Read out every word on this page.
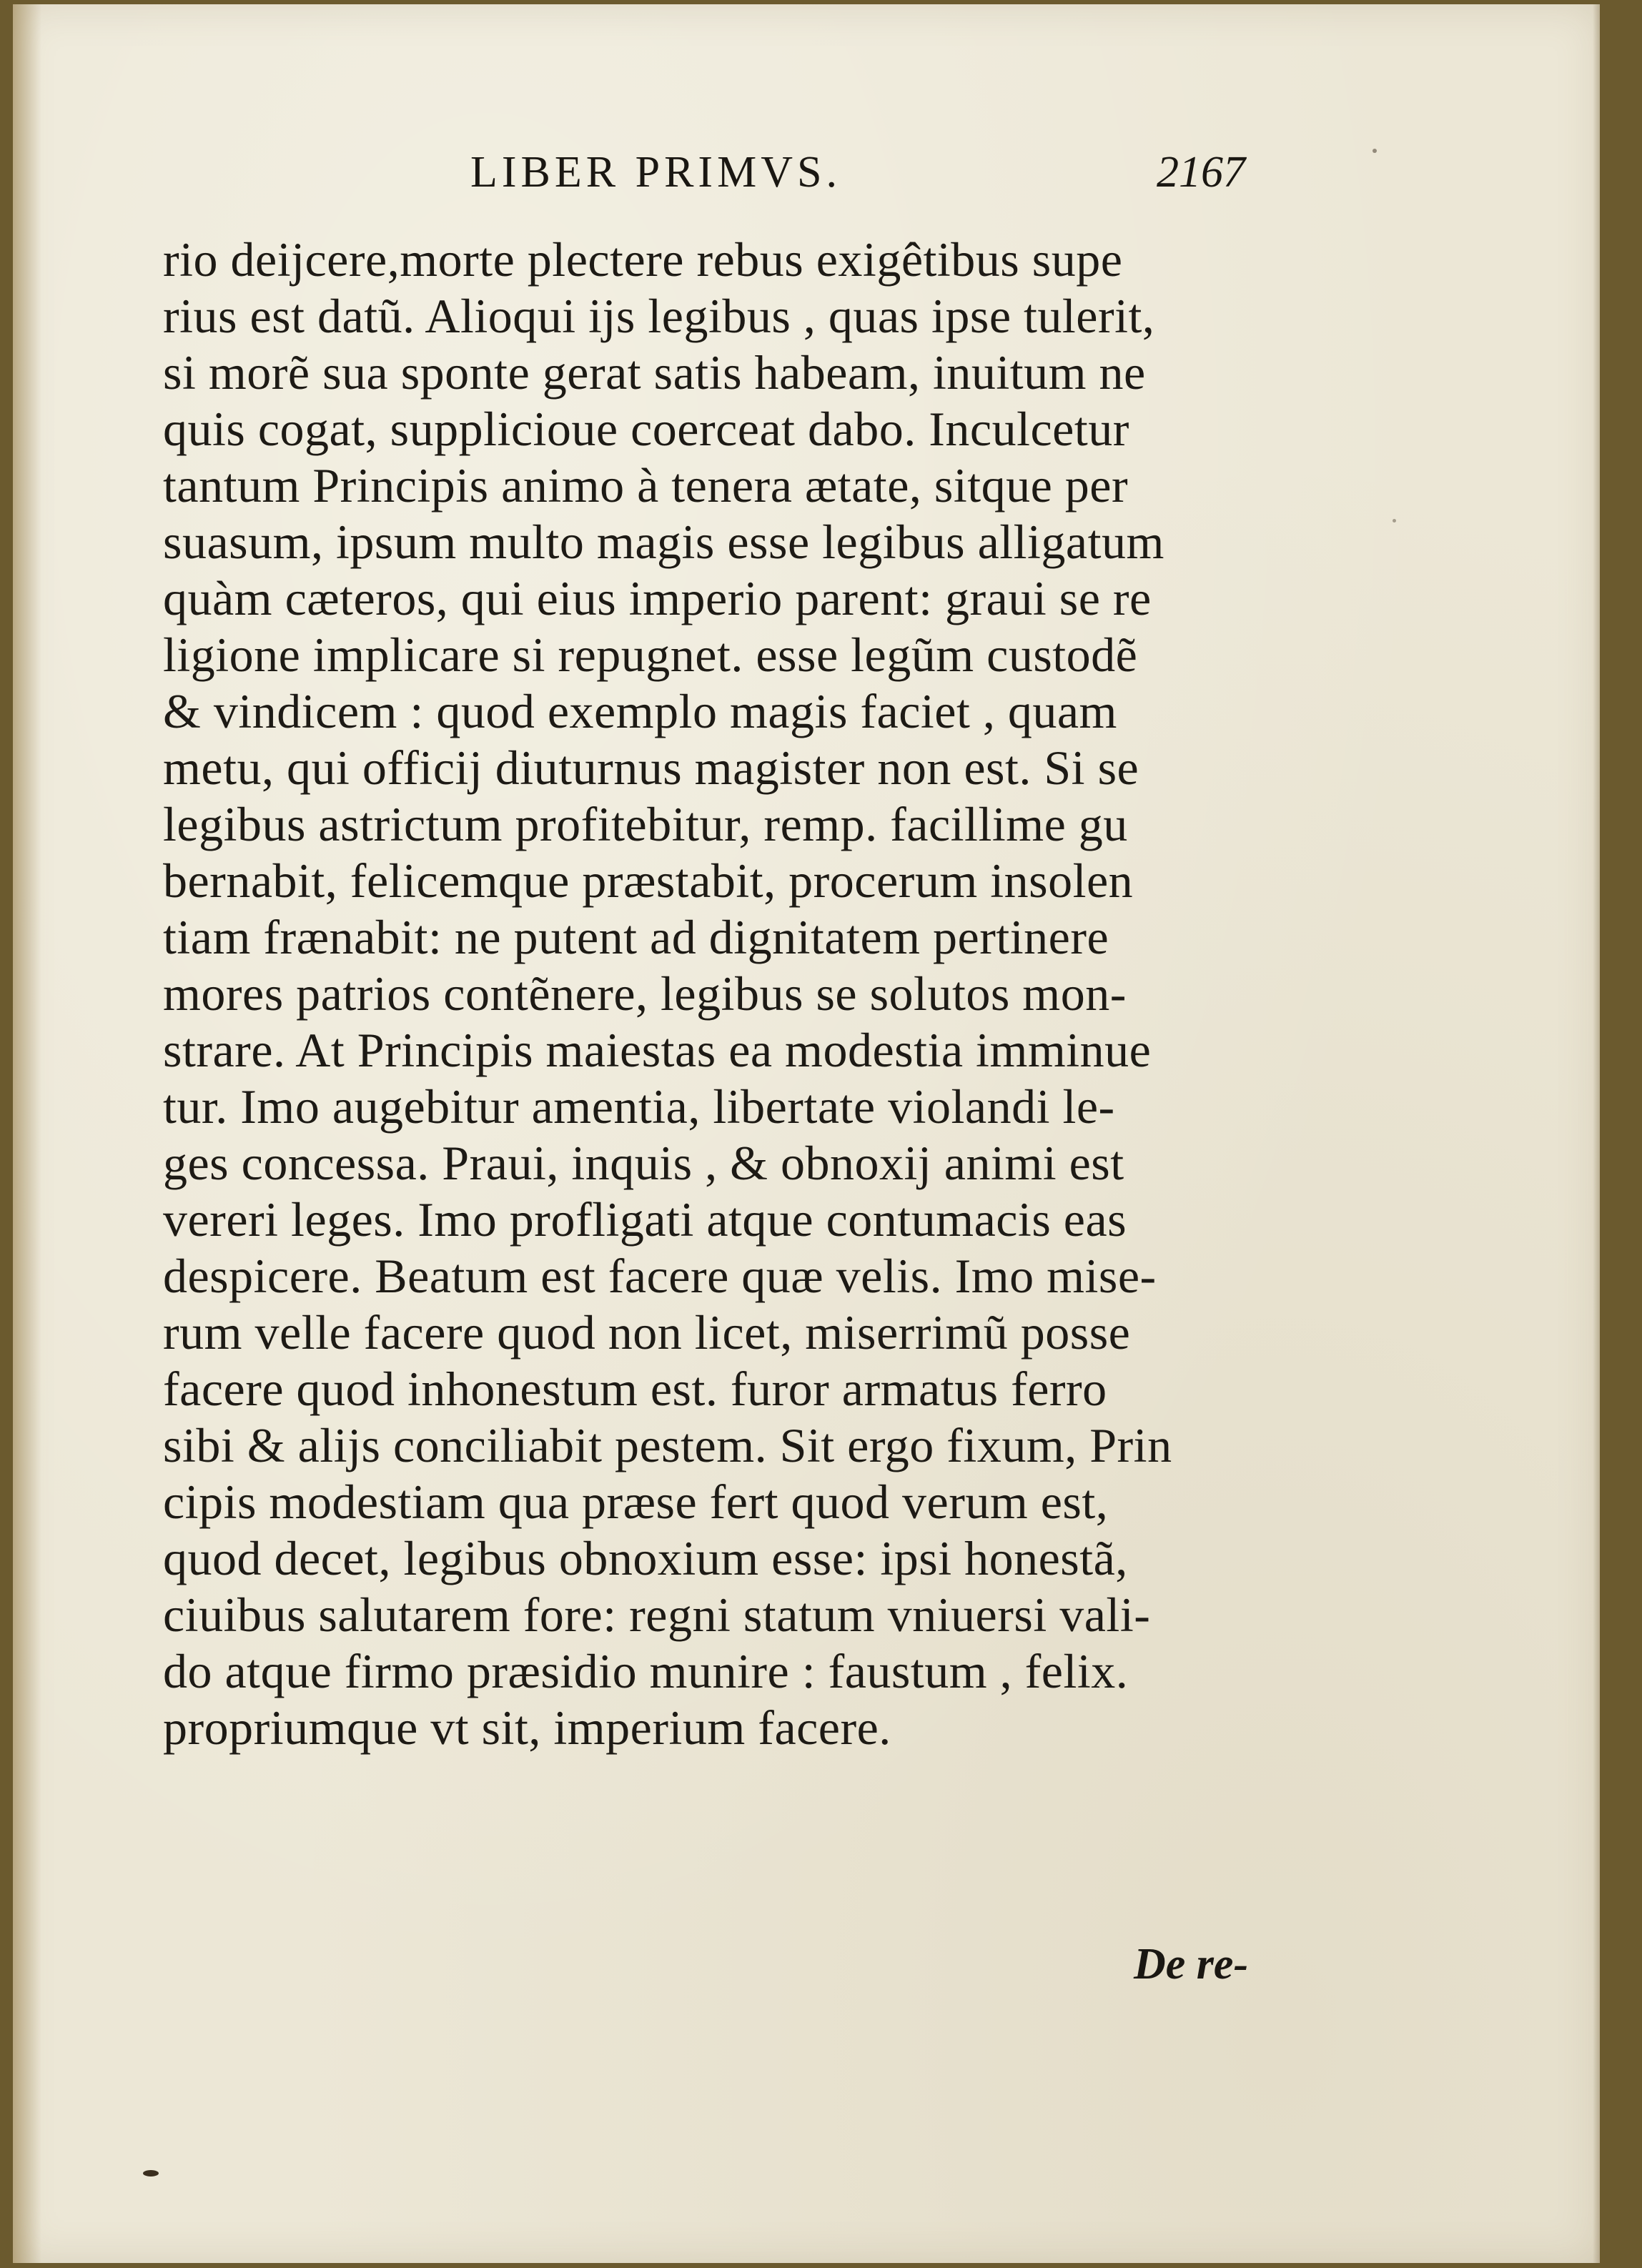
LIBER PRIMVS.	2167
rio deijcere,morte plectere rebus exigêtibus supe
rius est datũ. Alioqui ijs legibus , quas ipse tulerit,
si morẽ sua sponte gerat satis habeam, inuitum ne
quis cogat, supplicioue coerceat dabo. Inculcetur
tantum Principis animo à tenera ætate, sitque per
suasum, ipsum multo magis esse legibus alligatum
quàm cæteros, qui eius imperio parent: graui se re
ligione implicare si repugnet. esse legũm custodẽ
& vindicem : quod exemplo magis faciet , quam
metu, qui officij diuturnus magister non est. Si se
legibus astrictum profitebitur, remp. facillime gu
bernabit, felicemque præstabit, procerum insolen
tiam frænabit: ne putent ad dignitatem pertinere
mores patrios contẽnere, legibus se solutos mon-
strare. At Principis maiestas ea modestia imminue
tur. Imo augebitur amentia, libertate violandi le-
ges concessa. Praui, inquis , & obnoxij animi est
vereri leges. Imo profligati atque contumacis eas
despicere. Beatum est facere quæ velis. Imo mise-
rum velle facere quod non licet, miserrimũ posse
facere quod inhonestum est. furor armatus ferro
sibi & alijs conciliabit pestem. Sit ergo fixum, Prin
cipis modestiam qua præse fert quod verum est,
quod decet, legibus obnoxium esse: ipsi honestã,
ciuibus salutarem fore: regni statum vniuersi vali-
do atque firmo præsidio munire : faustum , felix.
propriumque vt sit, imperium facere.
De re-
